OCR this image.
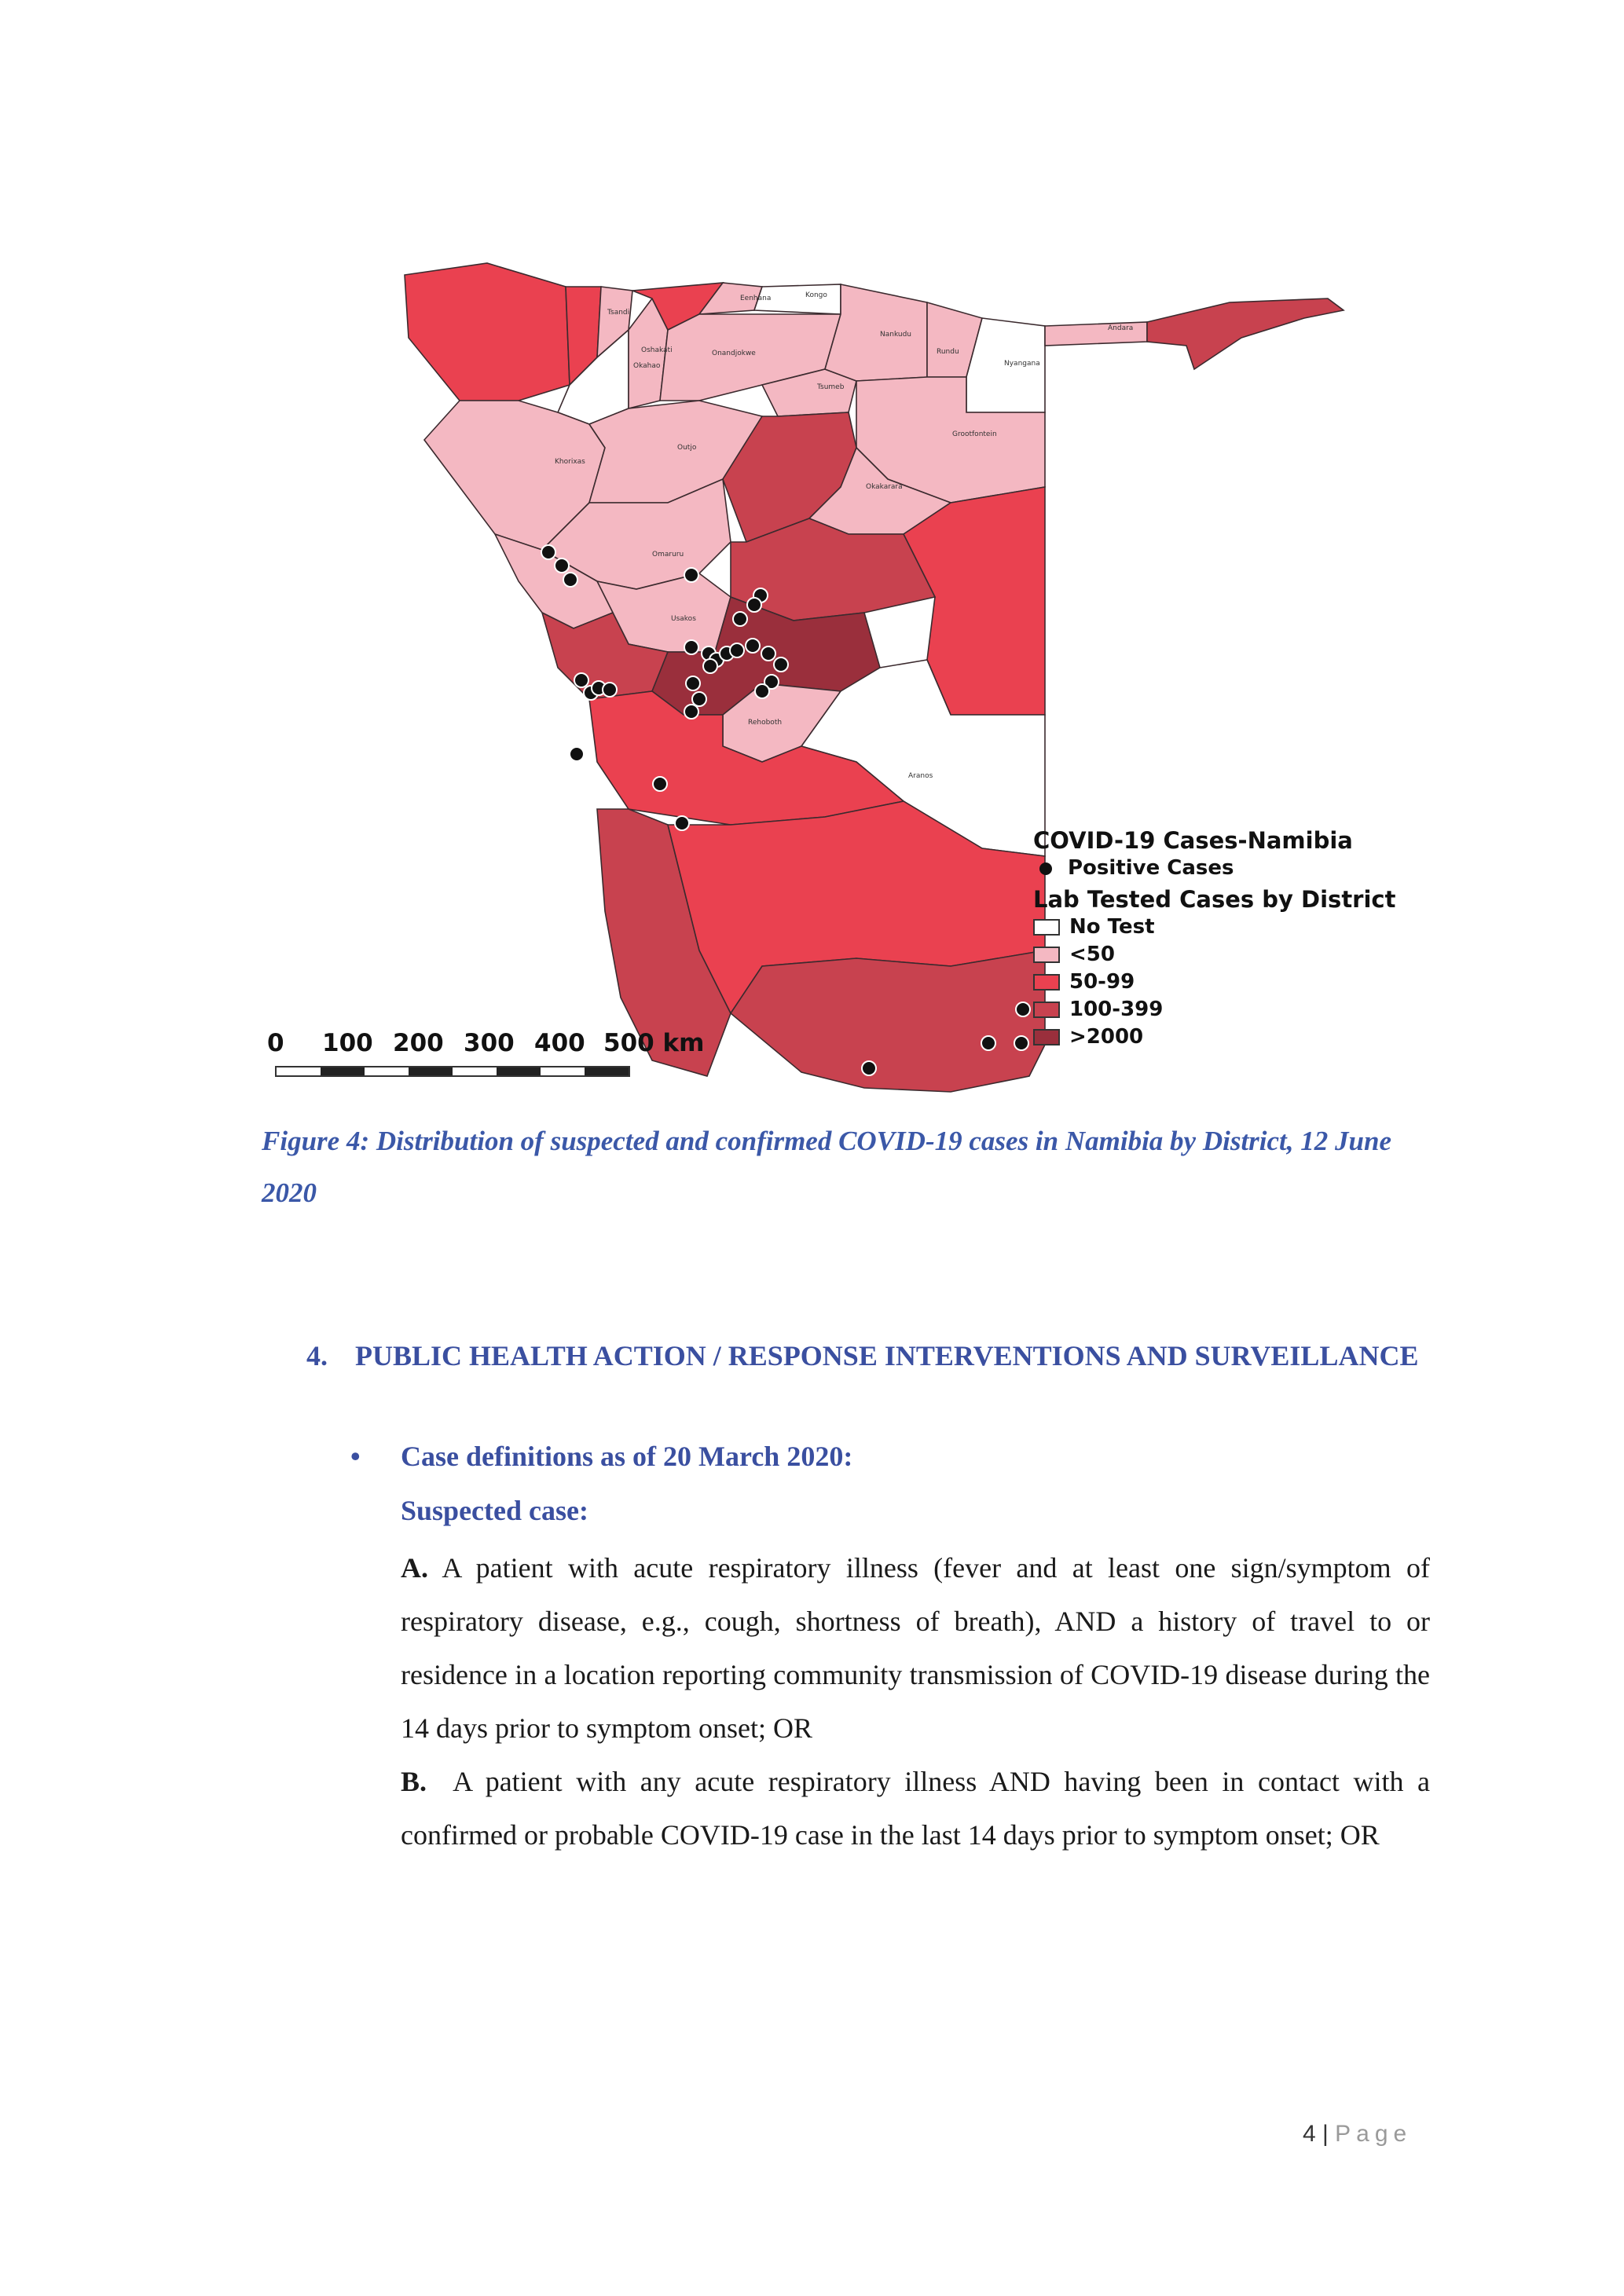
Eenhana	Kongo
Tsandi
Oshakati
Okahao
Onandjokwe
Nankudu
Rundu
Nyangana
Andara
Tsumeb
Grootfontein
Outjo
Khorixas
Okakarara
Omaruru
Usakos
Rehoboth
Aranos
COVID-19 Cases-Namibia
Positive Cases
Lab Tested Cases by District
No Test
<50
50-99
100-399
>2000
0 100 200 300 400 500 km
Figure 4: Distribution of suspected and confirmed COVID-19 cases in Namibia by District, 12 June 2020
4. PUBLIC HEALTH ACTION / RESPONSE INTERVENTIONS AND SURVEILLANCE
• Case definitions as of 20 March 2020:
Suspected case:
A. A patient with acute respiratory illness (fever and at least one sign/symptom of respiratory disease, e.g., cough, shortness of breath), AND a history of travel to or residence in a location reporting community transmission of COVID-19 disease during the 14 days prior to symptom onset; OR
B. A patient with any acute respiratory illness AND having been in contact with a confirmed or probable COVID-19 case in the last 14 days prior to symptom onset; OR
4 | Page
